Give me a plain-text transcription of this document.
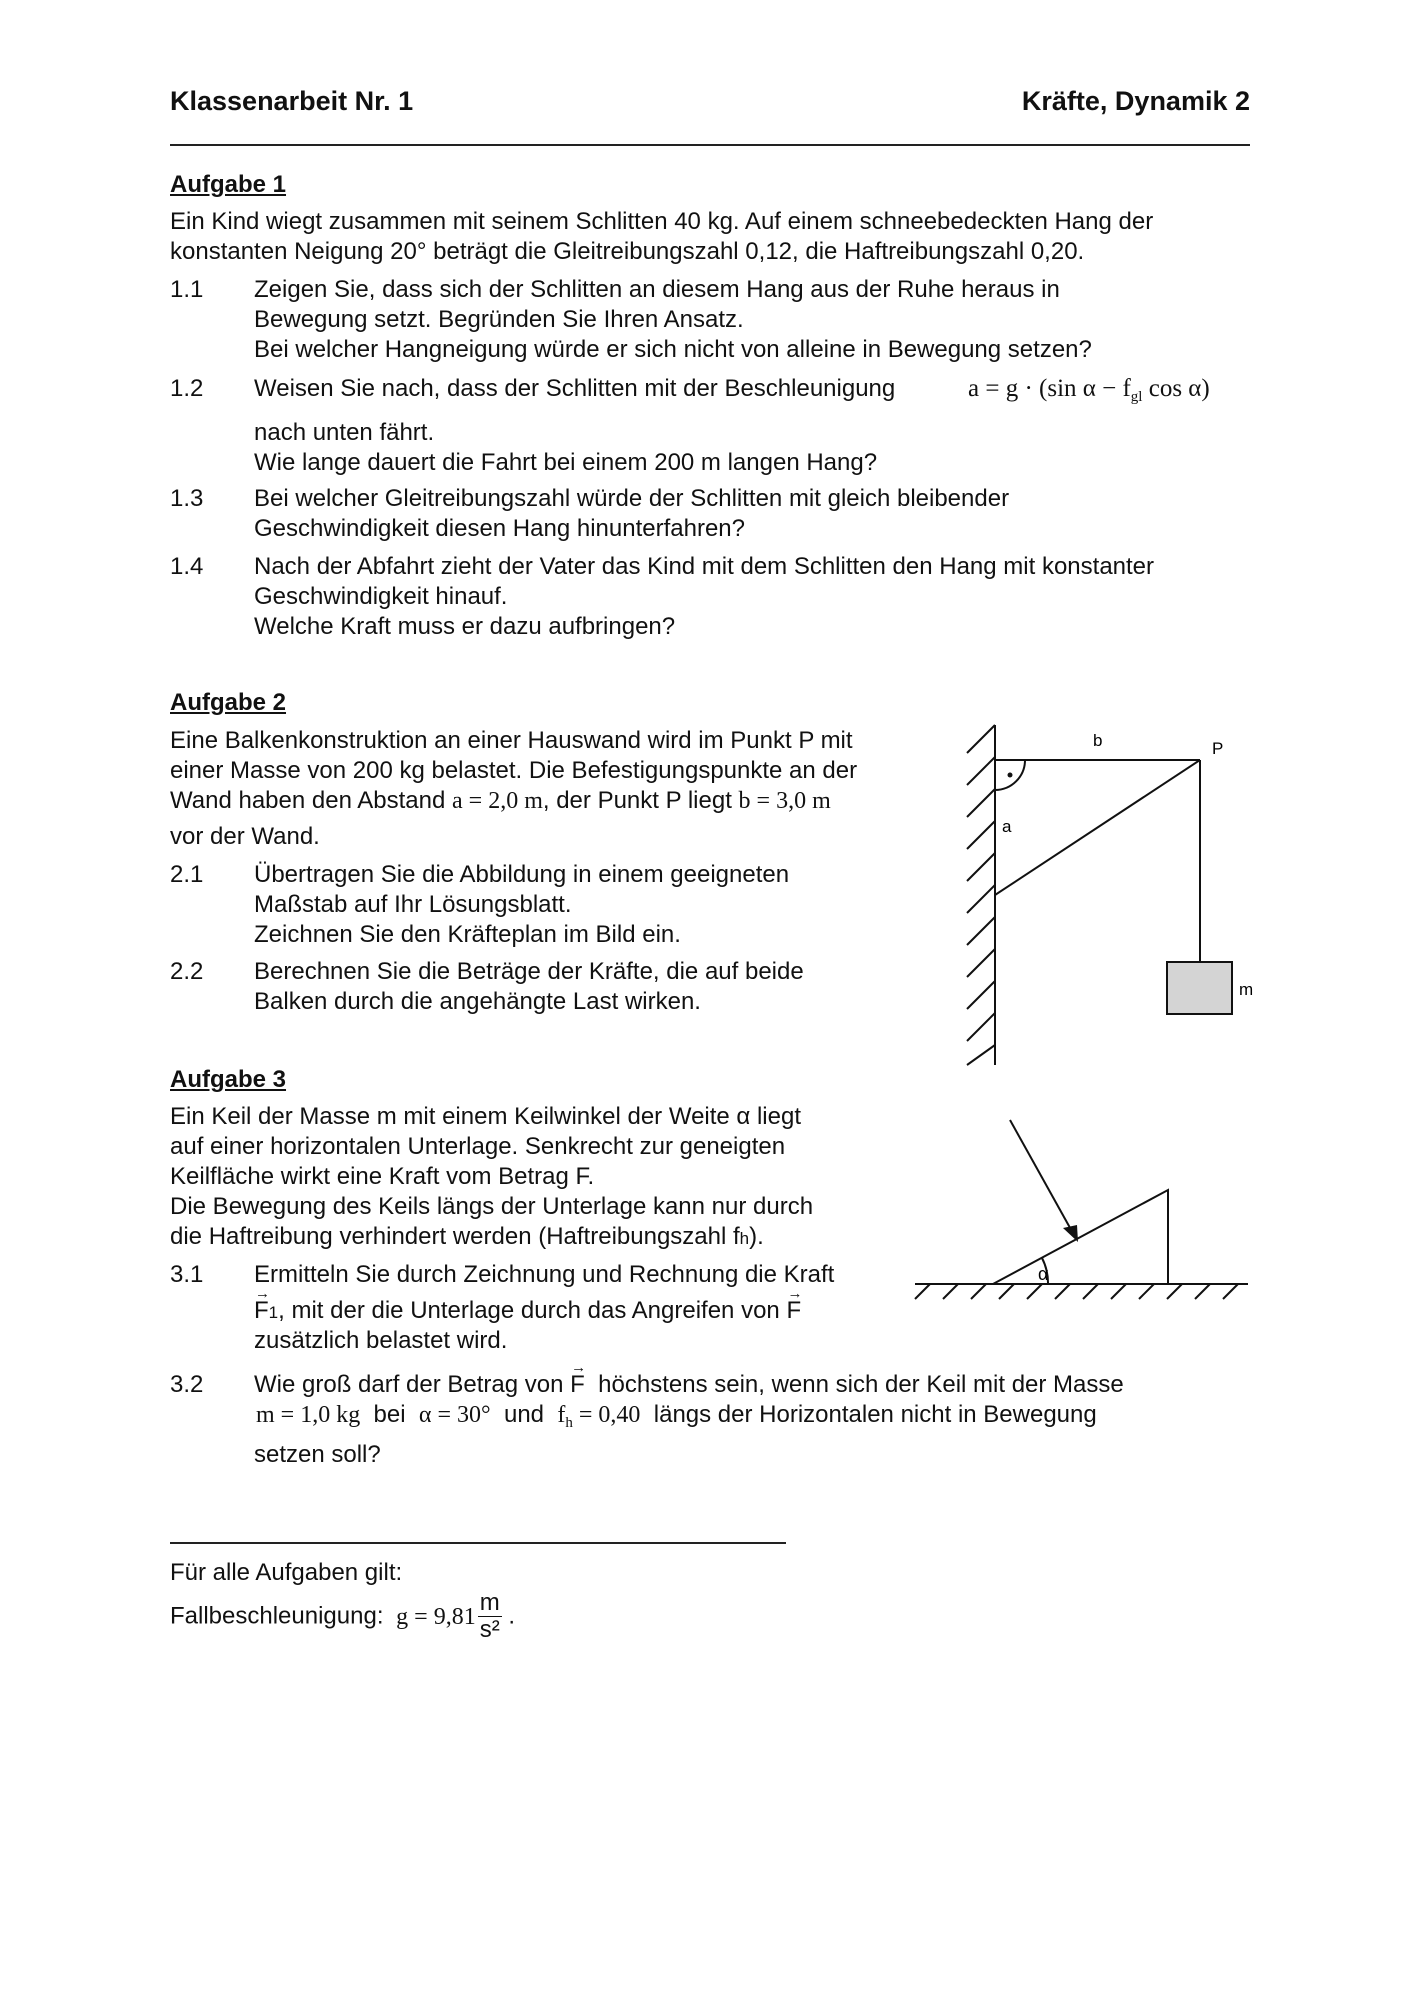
Klassenarbeit Nr. 1	Kräfte, Dynamik 2
Aufgabe 1
Ein Kind wiegt zusammen mit seinem Schlitten 40 kg. Auf einem schneebedeckten Hang der
konstanten Neigung 20° beträgt die Gleitreibungszahl 0,12, die Haftreibungszahl 0,20.
1.1 Zeigen Sie, dass sich der Schlitten an diesem Hang aus der Ruhe heraus in
Bewegung setzt. Begründen Sie Ihren Ansatz.
Bei welcher Hangneigung würde er sich nicht von alleine in Bewegung setzen?
1.2 Weisen Sie nach, dass der Schlitten mit der Beschleunigung	a = g · (sin $\alpha - f_{gl}$ cos α)
nach unten fährt.
Wie lange dauert die Fahrt bei einem 200 m langen Hang?
1.3 Bei welcher Gleitreibungszahl würde der Schlitten mit gleich bleibender
Geschwindigkeit diesen Hang hinunterfahren?
1.4 Nach der Abfahrt zieht der Vater das Kind mit dem Schlitten den Hang mit konstanter
Geschwindigkeit hinauf.
Welche Kraft muss er dazu aufbringen?
Aufgabe 2
Eine Balkenkonstruktion an einer Hauswand wird im Punkt P mit
einer Masse von 200 kg belastet. Die Befestigungspunkte an der
Wand haben den Abstand a = 2,0 m, der Punkt P liegt b = 3,0 m
vor der Wand.
2.1 Übertragen Sie die Abbildung in einem geeigneten
Maßstab auf Ihr Lösungsblatt.
Zeichnen Sie den Kräfteplan im Bild ein.
2.2 Berechnen Sie die Beträge der Kräfte, die auf beide
Balken durch die angehängte Last wirken.
b	P
a
m
Aufgabe 3
Ein Keil der Masse m mit einem Keilwinkel der Weite α liegt
auf einer horizontalen Unterlage. Senkrecht zur geneigten
Keilfläche wirkt eine Kraft vom Betrag F.
Die Bewegung des Keils längs der Unterlage kann nur durch
die Haftreibung verhindert werden (Haftreibungszahl fh).
3.1 Ermitteln Sie durch Zeichnung und Rechnung die Kraft
→ F1, mit der die Unterlage durch das Angreifen von → F
zusätzlich belastet wird.
3.2 Wie groß darf der Betrag von → F höchstens sein, wenn sich der Keil mit der Masse
m = 1,0 kg bei α = 30° und $f_h = 0,40$ längs der Horizontalen nicht in Bewegung
setzen soll?
α
Für alle Aufgaben gilt:
Fallbeschleunigung: $g = 9,81 \frac{m}{\text{s²}}$ .
